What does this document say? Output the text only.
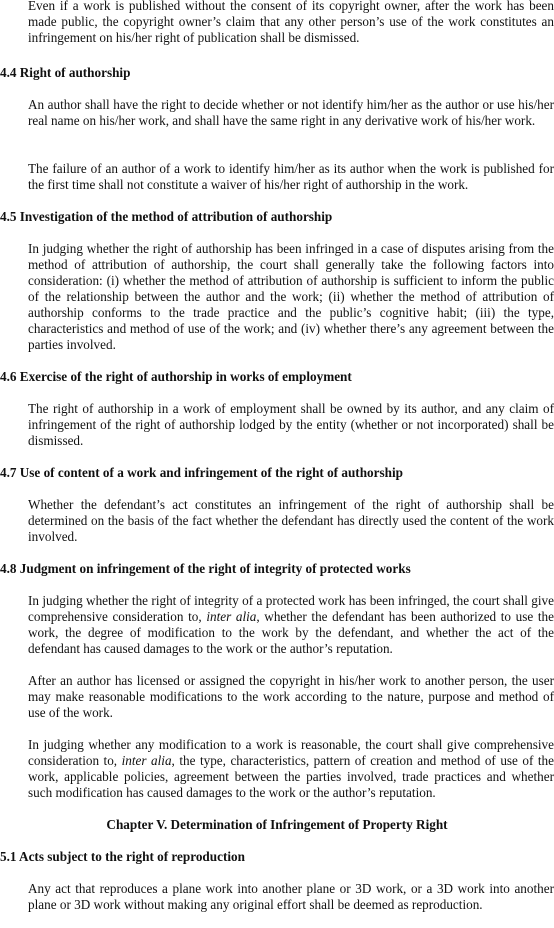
Even if a work is published without the consent of its copyright owner, after the work has been made public, the copyright owner’s claim that any other person’s use of the work constitutes an infringement on his/her right of publication shall be dismissed.

4.4 Right of authorship

An author shall have the right to decide whether or not identify him/her as the author or use his/her real name on his/her work, and shall have the same right in any derivative work of his/her work.

The failure of an author of a work to identify him/her as its author when the work is published for the first time shall not constitute a waiver of his/her right of authorship in the work.

4.5 Investigation of the method of attribution of authorship

In judging whether the right of authorship has been infringed in a case of disputes arising from the method of attribution of authorship, the court shall generally take the following factors into consideration: (i) whether the method of attribution of authorship is sufficient to inform the public of the relationship between the author and the work; (ii) whether the method of attribution of authorship conforms to the trade practice and the public’s cognitive habit; (iii) the type, characteristics and method of use of the work; and (iv) whether there’s any agreement between the parties involved.

4.6 Exercise of the right of authorship in works of employment

The right of authorship in a work of employment shall be owned by its author, and any claim of infringement of the right of authorship lodged by the entity (whether or not incorporated) shall be dismissed.

4.7 Use of content of a work and infringement of the right of authorship

Whether the defendant’s act constitutes an infringement of the right of authorship shall be determined on the basis of the fact whether the defendant has directly used the content of the work involved.

4.8 Judgment on infringement of the right of integrity of protected works

In judging whether the right of integrity of a protected work has been infringed, the court shall give comprehensive consideration to, inter alia, whether the defendant has been authorized to use the work, the degree of modification to the work by the defendant, and whether the act of the defendant has caused damages to the work or the author’s reputation.

After an author has licensed or assigned the copyright in his/her work to another person, the user may make reasonable modifications to the work according to the nature, purpose and method of use of the work.

In judging whether any modification to a work is reasonable, the court shall give comprehensive consideration to, inter alia, the type, characteristics, pattern of creation and method of use of the work, applicable policies, agreement between the parties involved, trade practices and whether such modification has caused damages to the work or the author’s reputation.

Chapter V. Determination of Infringement of Property Right

5.1 Acts subject to the right of reproduction

Any act that reproduces a plane work into another plane or 3D work, or a 3D work into another plane or 3D work without making any original effort shall be deemed as reproduction.
